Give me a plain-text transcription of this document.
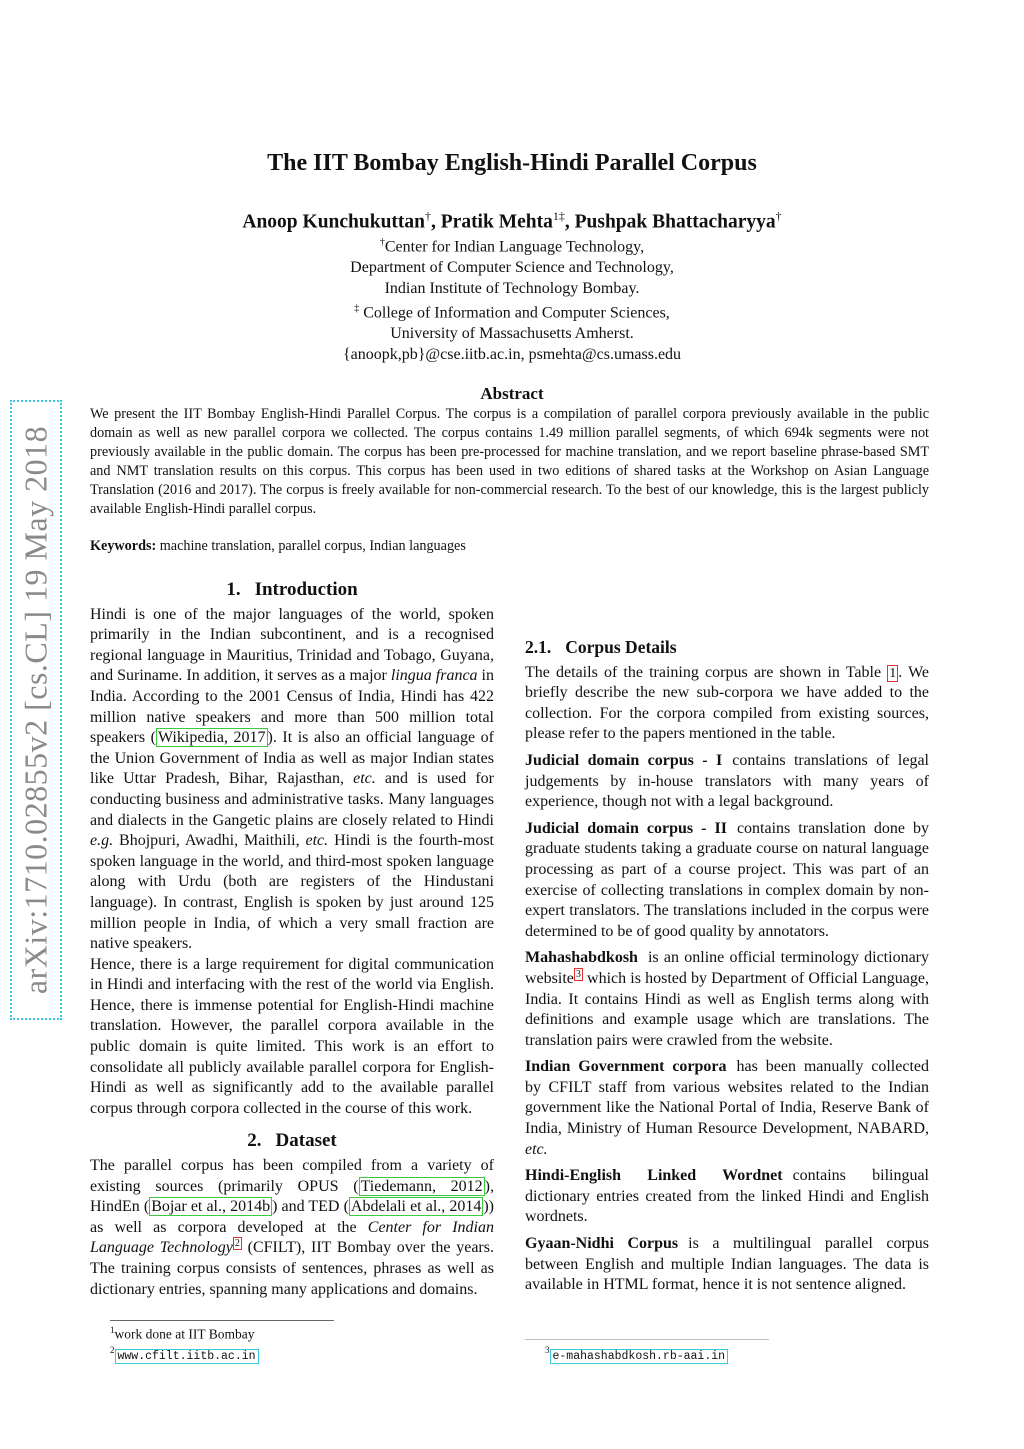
arXiv:1710.02855v2 [cs.CL] 19 May 2018
The IIT Bombay English-Hindi Parallel Corpus
Anoop Kunchukuttan†, Pratik Mehta$^{1\ddagger}$, Pushpak Bhattacharyya†
†Center for Indian Language Technology,
Department of Computer Science and Technology,
Indian Institute of Technology Bombay.
‡ College of Information and Computer Sciences,
University of Massachusetts Amherst.
{anoopk,pb}@cse.iitb.ac.in, psmehta@cs.umass.edu
Abstract
We present the IIT Bombay English-Hindi Parallel Corpus. The corpus is a compilation of parallel corpora previously available in the public domain as well as new parallel corpora we collected. The corpus contains 1.49 million parallel segments, of which 694k segments were not previously available in the public domain. The corpus has been pre-processed for machine translation, and we report baseline phrase-based SMT and NMT translation results on this corpus. This corpus has been used in two editions of shared tasks at the Workshop on Asian Language Translation (2016 and 2017). The corpus is freely available for non-commercial research. To the best of our knowledge, this is the largest publicly available English-Hindi parallel corpus.
Keywords: machine translation, parallel corpus, Indian languages
1. Introduction

Hindi is one of the major languages of the world, spoken primarily in the Indian subcontinent, and is a recognised regional language in Mauritius, Trinidad and Tobago, Guyana, and Suriname. In addition, it serves as a major lingua franca in India. According to the 2001 Census of India, Hindi has 422 million native speakers and more than 500 million total speakers ( Wikipedia, 2017 ). It is also an official language of the Union Government of India as well as major Indian states like Uttar Pradesh, Bihar, Rajasthan, etc. and is used for conducting business and administrative tasks. Many languages and dialects in the Gangetic plains are closely related to Hindi e.g. Bhojpuri, Awadhi, Maithili, etc. Hindi is the fourth-most spoken language in the world, and third-most spoken language along with Urdu (both are registers of the Hindustani language). In contrast, English is spoken by just around 125 million people in India, of which a very small fraction are native speakers.

Hence, there is a large requirement for digital communication in Hindi and interfacing with the rest of the world via English. Hence, there is immense potential for English-Hindi machine translation. However, the parallel corpora available in the public domain is quite limited. This work is an effort to consolidate all publicly available parallel corpora for English-Hindi as well as significantly add to the available parallel corpus through corpora collected in the course of this work.

2. Dataset

The parallel corpus has been compiled from a variety of existing sources (primarily OPUS ( Tiedemann, 2012 ), HindEn ( Bojar et al., 2014b ) and TED ( Abdelali et al., 2014 )) as well as corpora developed at the Center for Indian Language Technology $^2$ (CFILT), IIT Bombay over the years. The training corpus consists of sentences, phrases as well as dictionary entries, spanning many applications and domains.

2.1. Corpus Details

The details of the training corpus are shown in Table 1 . We briefly describe the new sub-corpora we have added to the collection. For the corpora compiled from existing sources, please refer to the papers mentioned in the table.

Judicial domain corpus - I contains translations of legal judgements by in-house translators with many years of experience, though not with a legal background.

Judicial domain corpus - II contains translation done by graduate students taking a graduate course on natural language processing as part of a course project. This was part of an exercise of collecting translations in complex domain by non-expert translators. The translations included in the corpus were determined to be of good quality by annotators.

Mahashabdkosh is an online official terminology dictionary website $^3$ which is hosted by Department of Official Language, India. It contains Hindi as well as English terms along with definitions and example usage which are translations. The translation pairs were crawled from the website.

Indian Government corpora has been manually collected by CFILT staff from various websites related to the Indian government like the National Portal of India, Reserve Bank of India, Ministry of Human Resource Development, NABARD, etc.

Hindi-English Linked Wordnet contains bilingual dictionary entries created from the linked Hindi and English wordnets.

Gyaan-Nidhi Corpus is a multilingual parallel corpus between English and multiple Indian languages. The data is available in HTML format, hence it is not sentence aligned.

$^1$work done at IIT Bombay
$^2$ www.cfilt.iitb.ac.in	$^3$ e-mahashabdkosh.rb-aai.in
